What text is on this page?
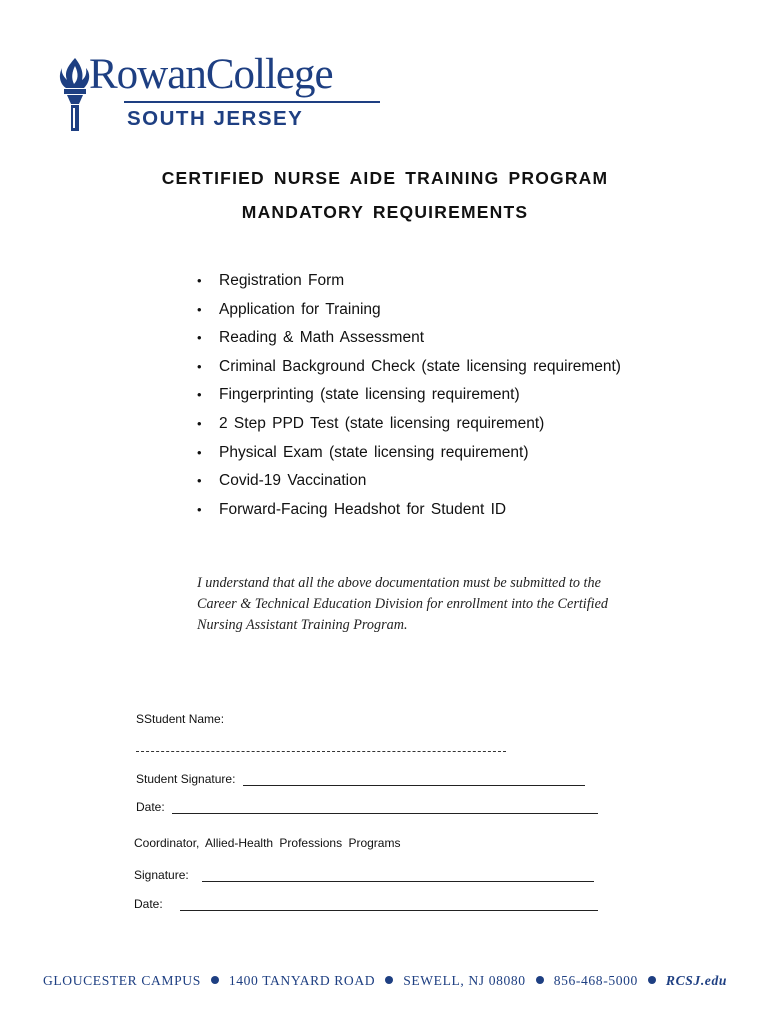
RowanCollege
SOUTH JERSEY
CERTIFIED NURSE AIDE TRAINING PROGRAM
MANDATORY REQUIREMENTS
• Registration Form
• Application for Training
• Reading & Math Assessment
• Criminal Background Check (state licensing requirement)
• Fingerprinting (state licensing requirement)
• 2 Step PPD Test (state licensing requirement)
• Physical Exam (state licensing requirement)
• Covid-19 Vaccination
• Forward-Facing Headshot for Student ID
I understand that all the above documentation must be submitted to the Career & Technical Education Division for enrollment into the Certified Nursing Assistant Training Program.
SStudent Name:
Student Signature:
Date:
Coordinator, Allied-Health Professions Programs
Signature:
Date:
GLOUCESTER CAMPUS 1400 TANYARD ROAD SEWELL, NJ 08080 856-468-5000 RCSJ.edu
